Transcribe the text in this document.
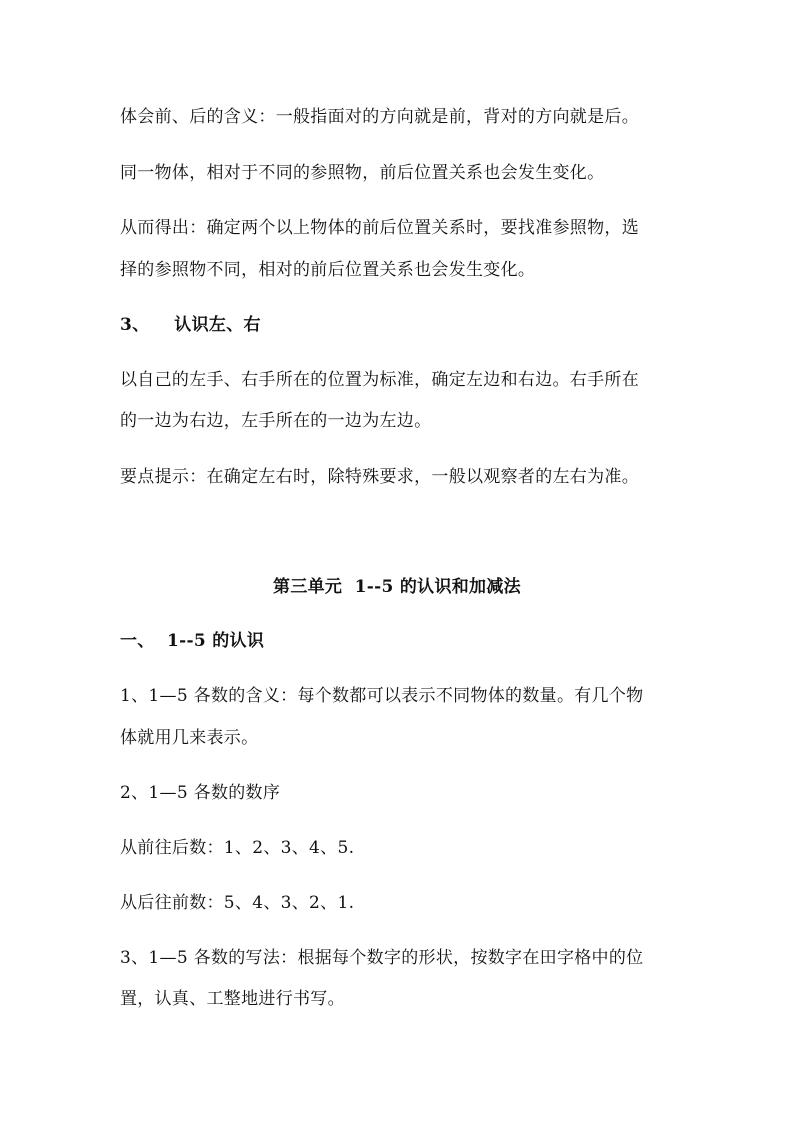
体会前、后的含义：一般指面对的方向就是前，背对的方向就是后。
同一物体，相对于不同的参照物，前后位置关系也会发生变化。
从而得出：确定两个以上物体的前后位置关系时，要找准参照物，选
择的参照物不同，相对的前后位置关系也会发生变化。
3、    认识左、右
以自己的左手、右手所在的位置为标准，确定左边和右边。右手所在
的一边为右边，左手所在的一边为左边。
要点提示：在确定左右时，除特殊要求，一般以观察者的左右为准。
第三单元  1--5 的认识和加减法
一、  1--5 的认识
1、1—5 各数的含义：每个数都可以表示不同物体的数量。有几个物
体就用几来表示。
2、1—5 各数的数序
从前往后数：1、2、3、4、5.
从后往前数：5、4、3、2、1.
3、1—5 各数的写法：根据每个数字的形状，按数字在田字格中的位
置，认真、工整地进行书写。
